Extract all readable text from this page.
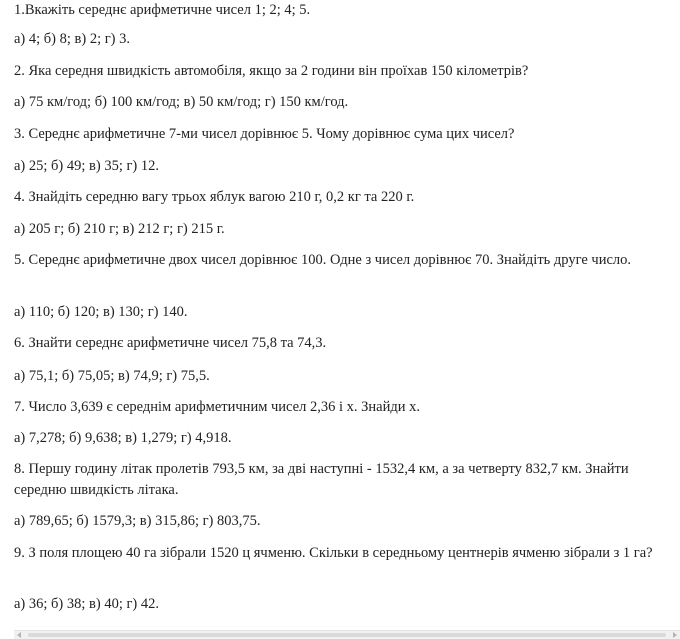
1.Вкажіть середнє арифметичне чисел 1; 2; 4; 5.
а) 4; б) 8; в) 2; г) 3.
2. Яка середня швидкість автомобіля, якщо за 2 години він проїхав 150 кілометрів?
а) 75 км/год; б) 100 км/год; в) 50 км/год; г) 150 км/год.
3. Середнє арифметичне 7-ми чисел дорівнює 5. Чому дорівнює сума цих чисел?
а) 25; б) 49; в) 35; г) 12.
4. Знайдіть середню вагу трьох яблук вагою 210 г, 0,2 кг та 220 г.
а) 205 г; б) 210 г; в) 212 г; г) 215 г.
5. Середнє арифметичне двох чисел дорівнює 100. Одне з чисел дорівнює 70. Знайдіть друге число.
а) 110; б) 120; в) 130; г) 140.
6. Знайти середнє арифметичне чисел 75,8 та 74,3.
а) 75,1; б) 75,05; в) 74,9; г) 75,5.
7. Число 3,639 є середнім арифметичним чисел 2,36 і х. Знайди х.
а) 7,278; б) 9,638; в) 1,279; г) 4,918.
8. Першу годину літак пролетів 793,5 км, за дві наступні - 1532,4 км, а за четверту 832,7 км. Знайти середню швидкість літака.
а) 789,65; б) 1579,3; в) 315,86; г) 803,75.
9. З поля площею 40 га зібрали 1520 ц ячменю. Скільки в середньому центнерів ячменю зібрали з 1 га?
а) 36; б) 38; в) 40; г) 42.
